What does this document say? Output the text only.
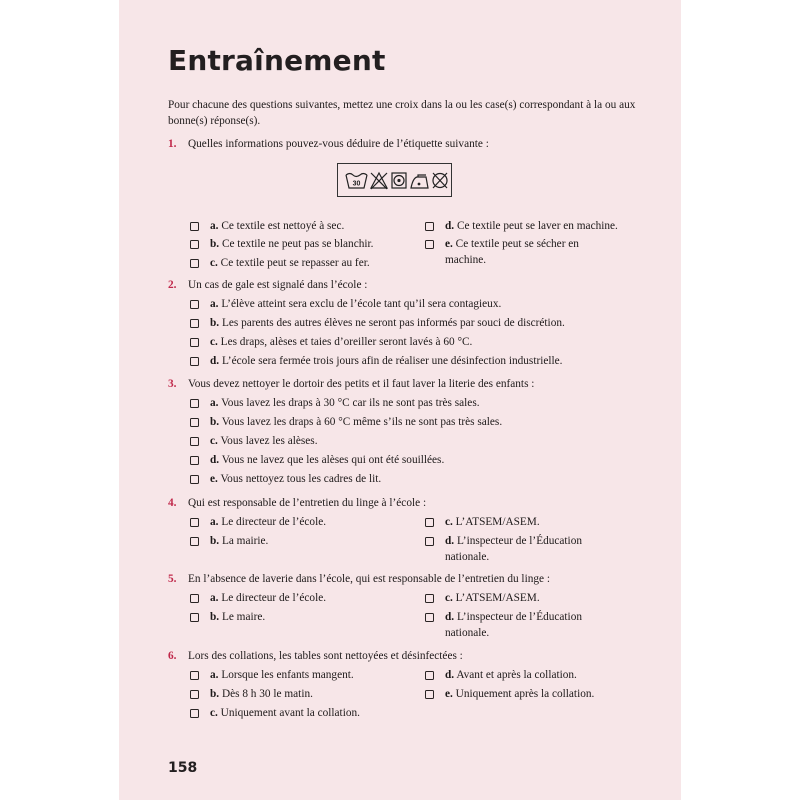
Entraînement
Pour chacune des questions suivantes, mettez une croix dans la ou les case(s) correspondant à la ou aux bonne(s) réponse(s).
1. Quelles informations pouvez-vous déduire de l’étiquette suivante :
30
a. Ce textile est nettoyé à sec.
b. Ce textile ne peut pas se blanchir.
c. Ce textile peut se repasser au fer.
d. Ce textile peut se laver en machine.
e. Ce textile peut se sécher en machine.
2. Un cas de gale est signalé dans l’école :
a. L’élève atteint sera exclu de l’école tant qu’il sera contagieux.
b. Les parents des autres élèves ne seront pas informés par souci de discrétion.
c. Les draps, alèses et taies d’oreiller seront lavés à 60 °C.
d. L’école sera fermée trois jours afin de réaliser une désinfection industrielle.
3. Vous devez nettoyer le dortoir des petits et il faut laver la literie des enfants :
a. Vous lavez les draps à 30 °C car ils ne sont pas très sales.
b. Vous lavez les draps à 60 °C même s’ils ne sont pas très sales.
c. Vous lavez les alèses.
d. Vous ne lavez que les alèses qui ont été souillées.
e. Vous nettoyez tous les cadres de lit.
4. Qui est responsable de l’entretien du linge à l’école :
a. Le directeur de l’école.
b. La mairie.
c. L’ATSEM/ASEM.
d. L’inspecteur de l’Éducation nationale.
5. En l’absence de laverie dans l’école, qui est responsable de l’entretien du linge :
a. Le directeur de l’école.
b. Le maire.
c. L’ATSEM/ASEM.
d. L’inspecteur de l’Éducation nationale.
6. Lors des collations, les tables sont nettoyées et désinfectées :
a. Lorsque les enfants mangent.
b. Dès 8 h 30 le matin.
c. Uniquement avant la collation.
d. Avant et après la collation.
e. Uniquement après la collation.
158
